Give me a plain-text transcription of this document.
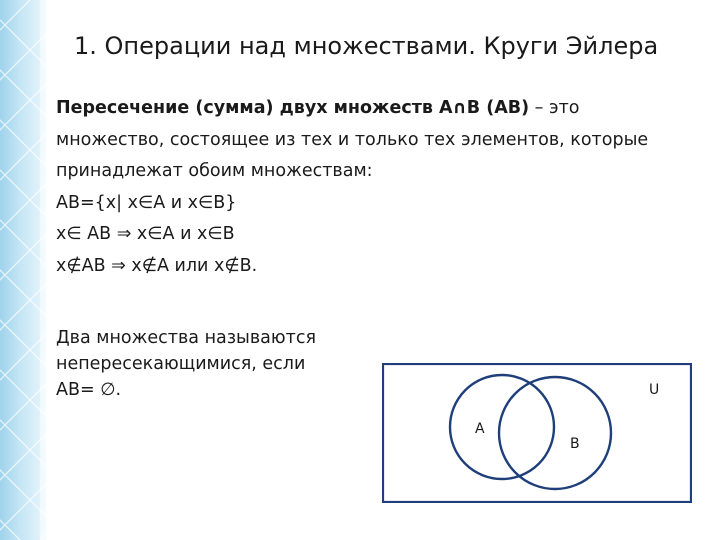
1. Операции над множествами. Круги Эйлера
Пересечение (сумма) двух множеств A∩B (AB) – это
множество, состоящее из тех и только тех элементов, которые
принадлежат обоим множествам:
AB={x| x∈A и x∈B}
x∈ AB ⇒ x∈A и x∈B
x∉AB ⇒ x∉A или x∉B.
Два множества называются
непересекающимися, если
AB= ∅.	U
A
B
